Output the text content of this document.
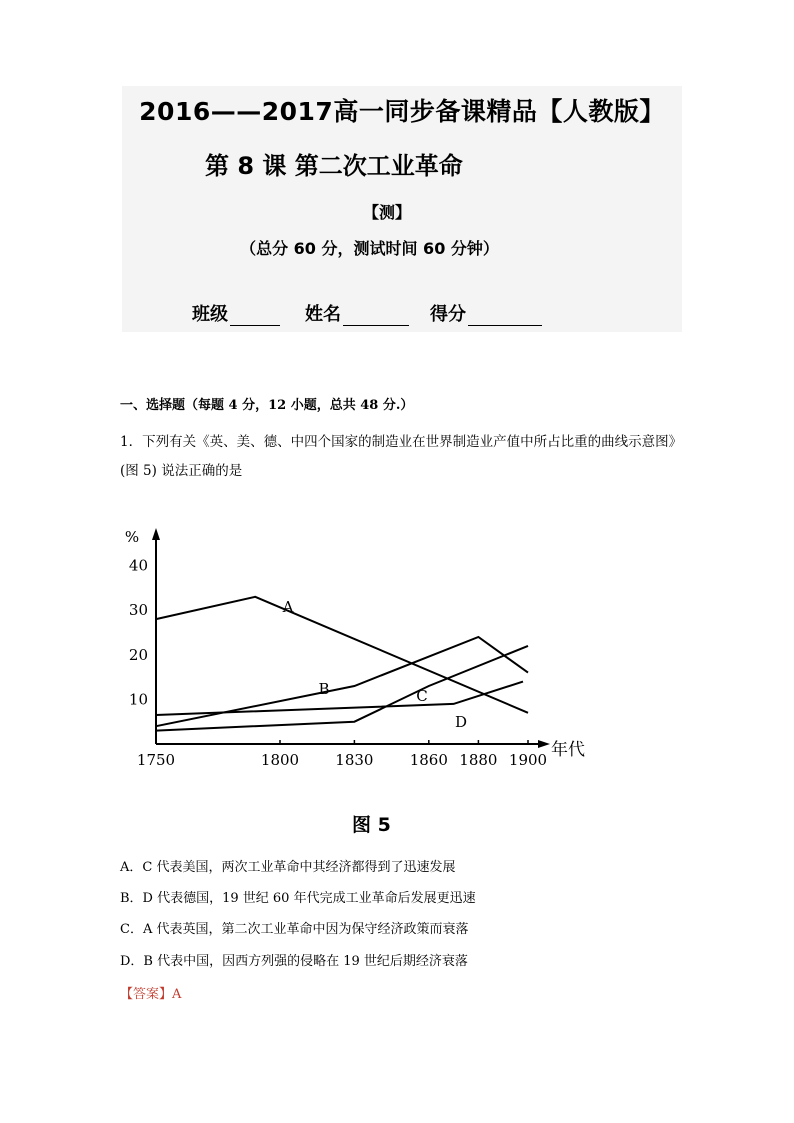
2016——2017高一同步备课精品【人教版】
第 8 课 第二次工业革命
【测】
（总分 60 分，测试时间 60 分钟）
班级	姓名	得分
一、选择题（每题 4 分，12 小题，总共 48 分.）
1．下列有关《英、美、德、中四个国家的制造业在世界制造业产值中所占比重的曲线示意图》(图 5) 说法正确的是
%
10
20
30
40
1750	1800 1830 1860 1880 1900 年代
A
B	C
D
图 5
A．C 代表美国，两次工业革命中其经济都得到了迅速发展
B．D 代表德国，19 世纪 60 年代完成工业革命后发展更迅速
C．A 代表英国，第二次工业革命中因为保守经济政策而衰落
D．B 代表中国，因西方列强的侵略在 19 世纪后期经济衰落
【答案】A
